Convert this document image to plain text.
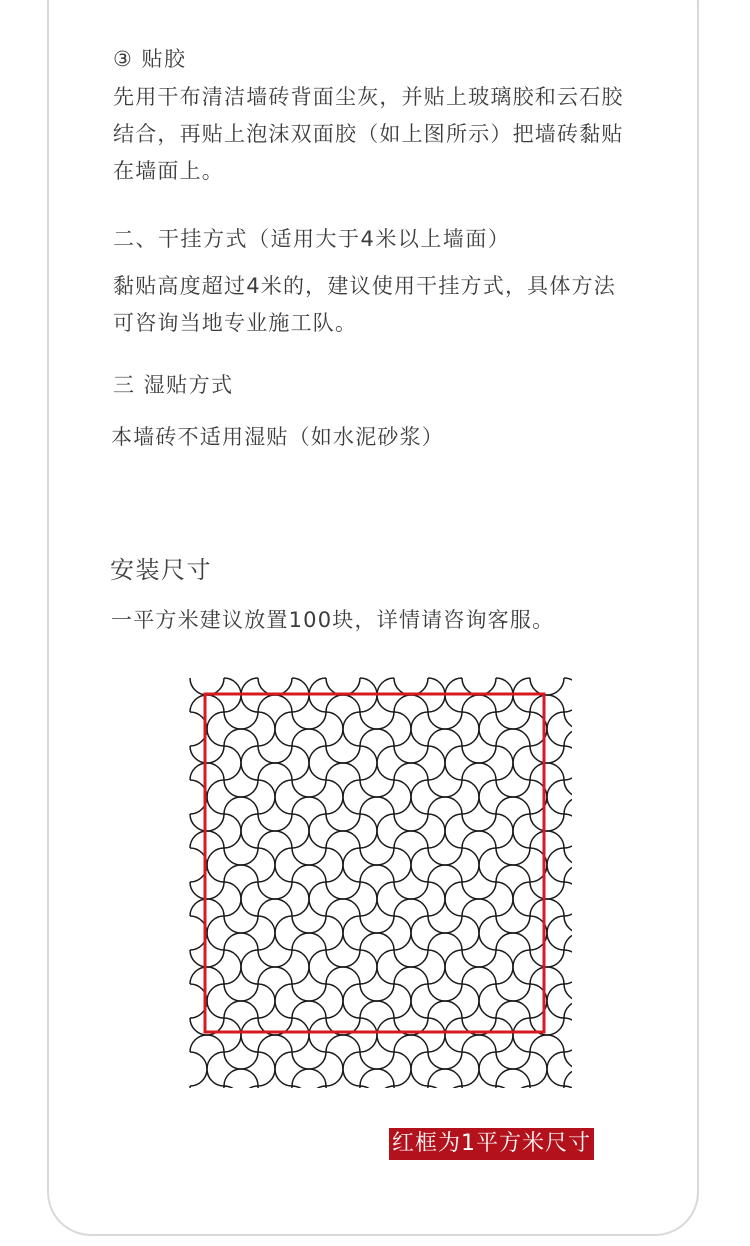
③ 贴胶

先用干布清洁墙砖背面尘灰，并贴上玻璃胶和云石胶结合，再贴上泡沫双面胶（如上图所示）把墙砖黏贴在墙面上。

二、干挂方式（适用大于4米以上墙面）

黏贴高度超过4米的，建议使用干挂方式，具体方法可咨询当地专业施工队。

三 湿贴方式

本墙砖不适用湿贴（如水泥砂浆）

安装尺寸

一平方米建议放置100块，详情请咨询客服。

红框为1平方米尺寸
